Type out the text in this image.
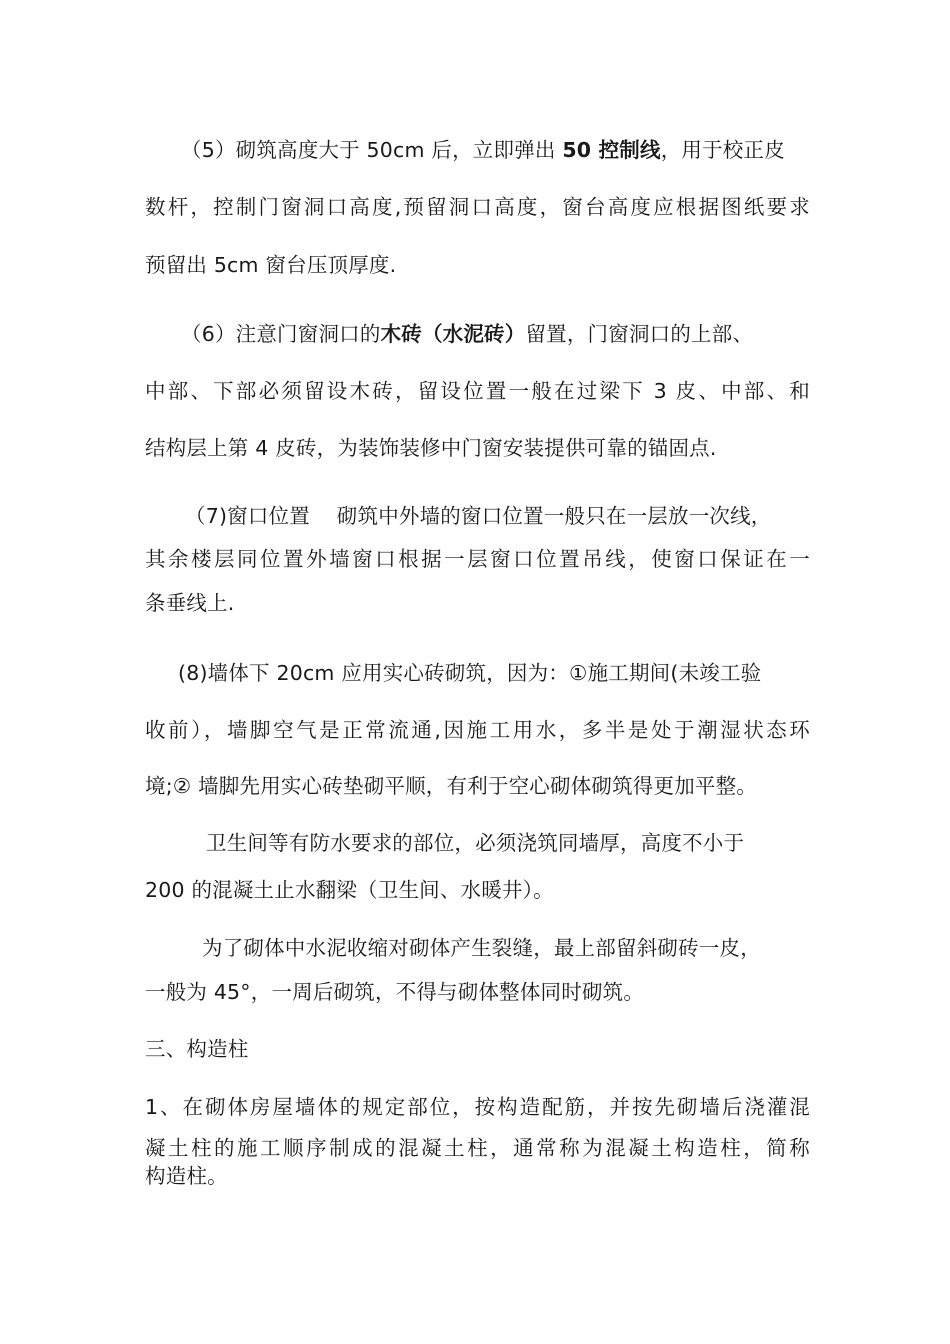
（5）砌筑高度大于 50cm 后，立即弹出 50 控制线，用于校正皮
数杆，控制门窗洞口高度,预留洞口高度，窗台高度应根据图纸要求
预留出 5cm 窗台压顶厚度.
（6）注意门窗洞口的木砖（水泥砖）留置，门窗洞口的上部、
中部、下部必须留设木砖，留设位置一般在过梁下 3 皮、中部、和
结构层上第 4 皮砖，为装饰装修中门窗安装提供可靠的锚固点.
（7)窗口位置    砌筑中外墙的窗口位置一般只在一层放一次线，
其余楼层同位置外墙窗口根据一层窗口位置吊线，使窗口保证在一
条垂线上.
(8)墙体下 20cm 应用实心砖砌筑，因为：①施工期间(未竣工验
收前），墙脚空气是正常流通,因施工用水，多半是处于潮湿状态环
境;② 墙脚先用实心砖垫砌平顺，有利于空心砌体砌筑得更加平整。
卫生间等有防水要求的部位，必须浇筑同墙厚，高度不小于
200 的混凝土止水翻梁（卫生间、水暖井）。
为了砌体中水泥收缩对砌体产生裂缝，最上部留斜砌砖一皮，
一般为 45°，一周后砌筑，不得与砌体整体同时砌筑。
三、构造柱
1、在砌体房屋墙体的规定部位，按构造配筋，并按先砌墙后浇灌混
凝土柱的施工顺序制成的混凝土柱，通常称为混凝土构造柱，简称
构造柱。
